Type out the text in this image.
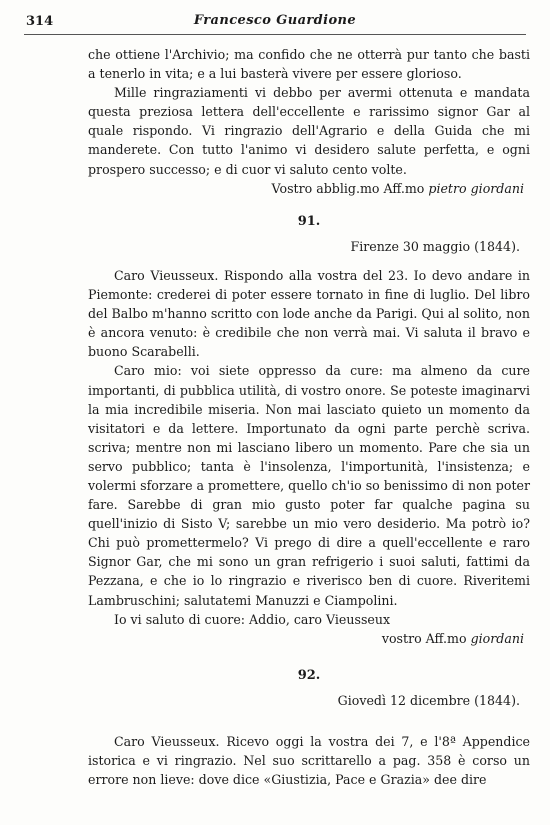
314	Francesco Guardione

che ottiene l'Archivio; ma confido che ne otterrà pur tanto che basti a tenerlo in vita; e a lui basterà vivere per essere glorioso.

Mille ringraziamenti vi debbo per avermi ottenuta e mandata questa preziosa lettera dell'eccellente e rarissimo signor Gar al quale rispondo. Vi ringrazio dell'Agrario e della Guida che mi manderete. Con tutto l'animo vi desidero salute perfetta, e ogni prospero successo; e di cuor vi saluto cento volte.

Vostro abblig.mo Aff.mo pietro giordani

91.

Firenze 30 maggio (1844).

Caro Vieusseux. Rispondo alla vostra del 23. Io devo andare in Piemonte: crederei di poter essere tornato in fine di luglio. Del libro del Balbo m'hanno scritto con lode anche da Parigi. Qui al solito, non è ancora venuto: è credibile che non verrà mai. Vi saluta il bravo e buono Scarabelli.

Caro mio: voi siete oppresso da cure: ma almeno da cure importanti, di pubblica utilità, di vostro onore. Se poteste imaginarvi la mia incredibile miseria. Non mai lasciato quieto un momento da visitatori e da lettere. Importunato da ogni parte perchè scriva. scriva; mentre non mi lasciano libero un momento. Pare che sia un servo pubblico; tanta è l'insolenza, l'importunità, l'insistenza; e volermi sforzare a promettere, quello ch'io so benissimo di non poter fare. Sarebbe di gran mio gusto poter far qualche pagina su quell'inizio di Sisto V; sarebbe un mio vero desiderio. Ma potrò io? Chi può promettermelo? Vi prego di dire a quell'eccellente e raro Signor Gar, che mi sono un gran refrigerio i suoi saluti, fattimi da Pezzana, e che io lo ringrazio e riverisco ben di cuore. Riveritemi Lambruschini; salutatemi Manuzzi e Ciampolini.

Io vi saluto di cuore: Addio, caro Vieusseux

vostro Aff.mo giordani

92.

Giovedì 12 dicembre (1844).

Caro Vieusseux. Ricevo oggi la vostra dei 7, e l'8ª Appendice istorica e vi ringrazio. Nel suo scrittarello a pag. 358 è corso un errore non lieve: dove dice «Giustizia, Pace e Grazia» dee dire
